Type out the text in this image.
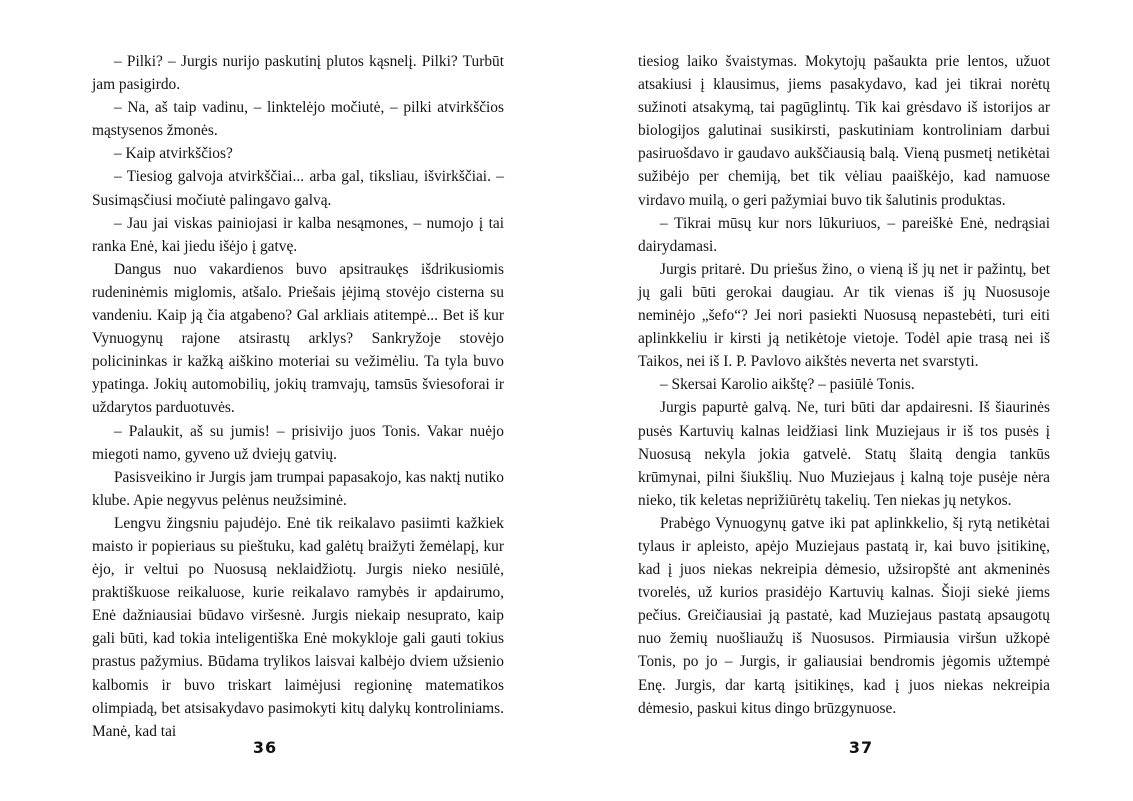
– Pilki? – Jurgis nurijo paskutinį plutos kąsnelį. Pilki? Turbūt jam pasigirdo.

– Na, aš taip vadinu, – linktelėjo močiutė, – pilki atvirkščios mąstysenos žmonės.

– Kaip atvirkščios?

– Tiesiog galvoja atvirkščiai... arba gal, tiksliau, išvirkščiai. – Susimąsčiusi močiutė palingavo galvą.

– Jau jai viskas painiojasi ir kalba nesąmones, – numojo į tai ranka Enė, kai jiedu išėjo į gatvę.

Dangus nuo vakardienos buvo apsitraukęs išdrikusiomis rudeninėmis miglomis, atšalo. Priešais įėjimą stovėjo cisterna su vandeniu. Kaip ją čia atgabeno? Gal arkliais atitempė... Bet iš kur Vynuogynų rajone atsirastų arklys? Sankryžoje stovėjo policininkas ir kažką aiškino moteriai su vežimėliu. Ta tyla buvo ypatinga. Jokių automobilių, jokių tramvajų, tamsūs šviesoforai ir uždarytos parduotuvės.

– Palaukit, aš su jumis! – prisivijo juos Tonis. Vakar nuėjo miegoti namo, gyveno už dviejų gatvių.

Pasisveikino ir Jurgis jam trumpai papasakojo, kas naktį nutiko klube. Apie negyvus pelėnus neužsiminė.

Lengvu žingsniu pajudėjo. Enė tik reikalavo pasiimti kažkiek maisto ir popieriaus su pieštuku, kad galėtų braižyti žemėlapį, kur ėjo, ir veltui po Nuosusą neklaidžiotų. Jurgis nieko nesiūlė, praktiškuose reikaluose, kurie reikalavo ramybės ir apdairumo, Enė dažniausiai būdavo viršesnė. Jurgis niekaip nesuprato, kaip gali būti, kad tokia inteligentiška Enė mokykloje gali gauti tokius prastus pažymius. Būdama trylikos laisvai kalbėjo dviem užsienio kalbomis ir buvo triskart laimėjusi regioninę matematikos olimpiadą, bet atsisakydavo pasimokyti kitų dalykų kontroliniams. Manė, kad tai

tiesiog laiko švaistymas. Mokytojų pašaukta prie lentos, užuot atsakiusi į klausimus, jiems pasakydavo, kad jei tikrai norėtų sužinoti atsakymą, tai pagūglintų. Tik kai grėsdavo iš istorijos ar biologijos galutinai susikirsti, paskutiniam kontroliniam darbui pasiruošdavo ir gaudavo aukščiausią balą. Vieną pusmetį netikėtai sužibėjo per chemiją, bet tik vėliau paaiškėjo, kad namuose virdavo muilą, o geri pažymiai buvo tik šalutinis produktas.

– Tikrai mūsų kur nors lūkuriuos, – pareiškė Enė, nedrąsiai dairydamasi.

Jurgis pritarė. Du priešus žino, o vieną iš jų net ir pažintų, bet jų gali būti gerokai daugiau. Ar tik vienas iš jų Nuosusoje neminėjo „šefo“? Jei nori pasiekti Nuosusą nepastebėti, turi eiti aplinkkeliu ir kirsti ją netikėtoje vietoje. Todėl apie trasą nei iš Taikos, nei iš I. P. Pavlovo aikštės neverta net svarstyti.

– Skersai Karolio aikštę? – pasiūlė Tonis.

Jurgis papurtė galvą. Ne, turi būti dar apdairesni. Iš šiaurinės pusės Kartuvių kalnas leidžiasi link Muziejaus ir iš tos pusės į Nuosusą nekyla jokia gatvelė. Statų šlaitą dengia tankūs krūmynai, pilni šiukšlių. Nuo Muziejaus į kalną toje pusėje nėra nieko, tik keletas neprižiūrėtų takelių. Ten niekas jų netykos.

Prabėgo Vynuogynų gatve iki pat aplinkkelio, šį rytą netikėtai tylaus ir apleisto, apėjo Muziejaus pastatą ir, kai buvo įsitikinę, kad į juos niekas nekreipia dėmesio, užsiropštė ant akmeninės tvorelės, už kurios prasidėjo Kartuvių kalnas. Šioji siekė jiems pečius. Greičiausiai ją pastatė, kad Muziejaus pastatą apsaugotų nuo žemių nuošliaužų iš Nuosusos. Pirmiausia viršun užkopė Tonis, po jo – Jurgis, ir galiausiai bendromis jėgomis užtempė Enę. Jurgis, dar kartą įsitikinęs, kad į juos niekas nekreipia dėmesio, paskui kitus dingo brūzgynuose.

36	37
